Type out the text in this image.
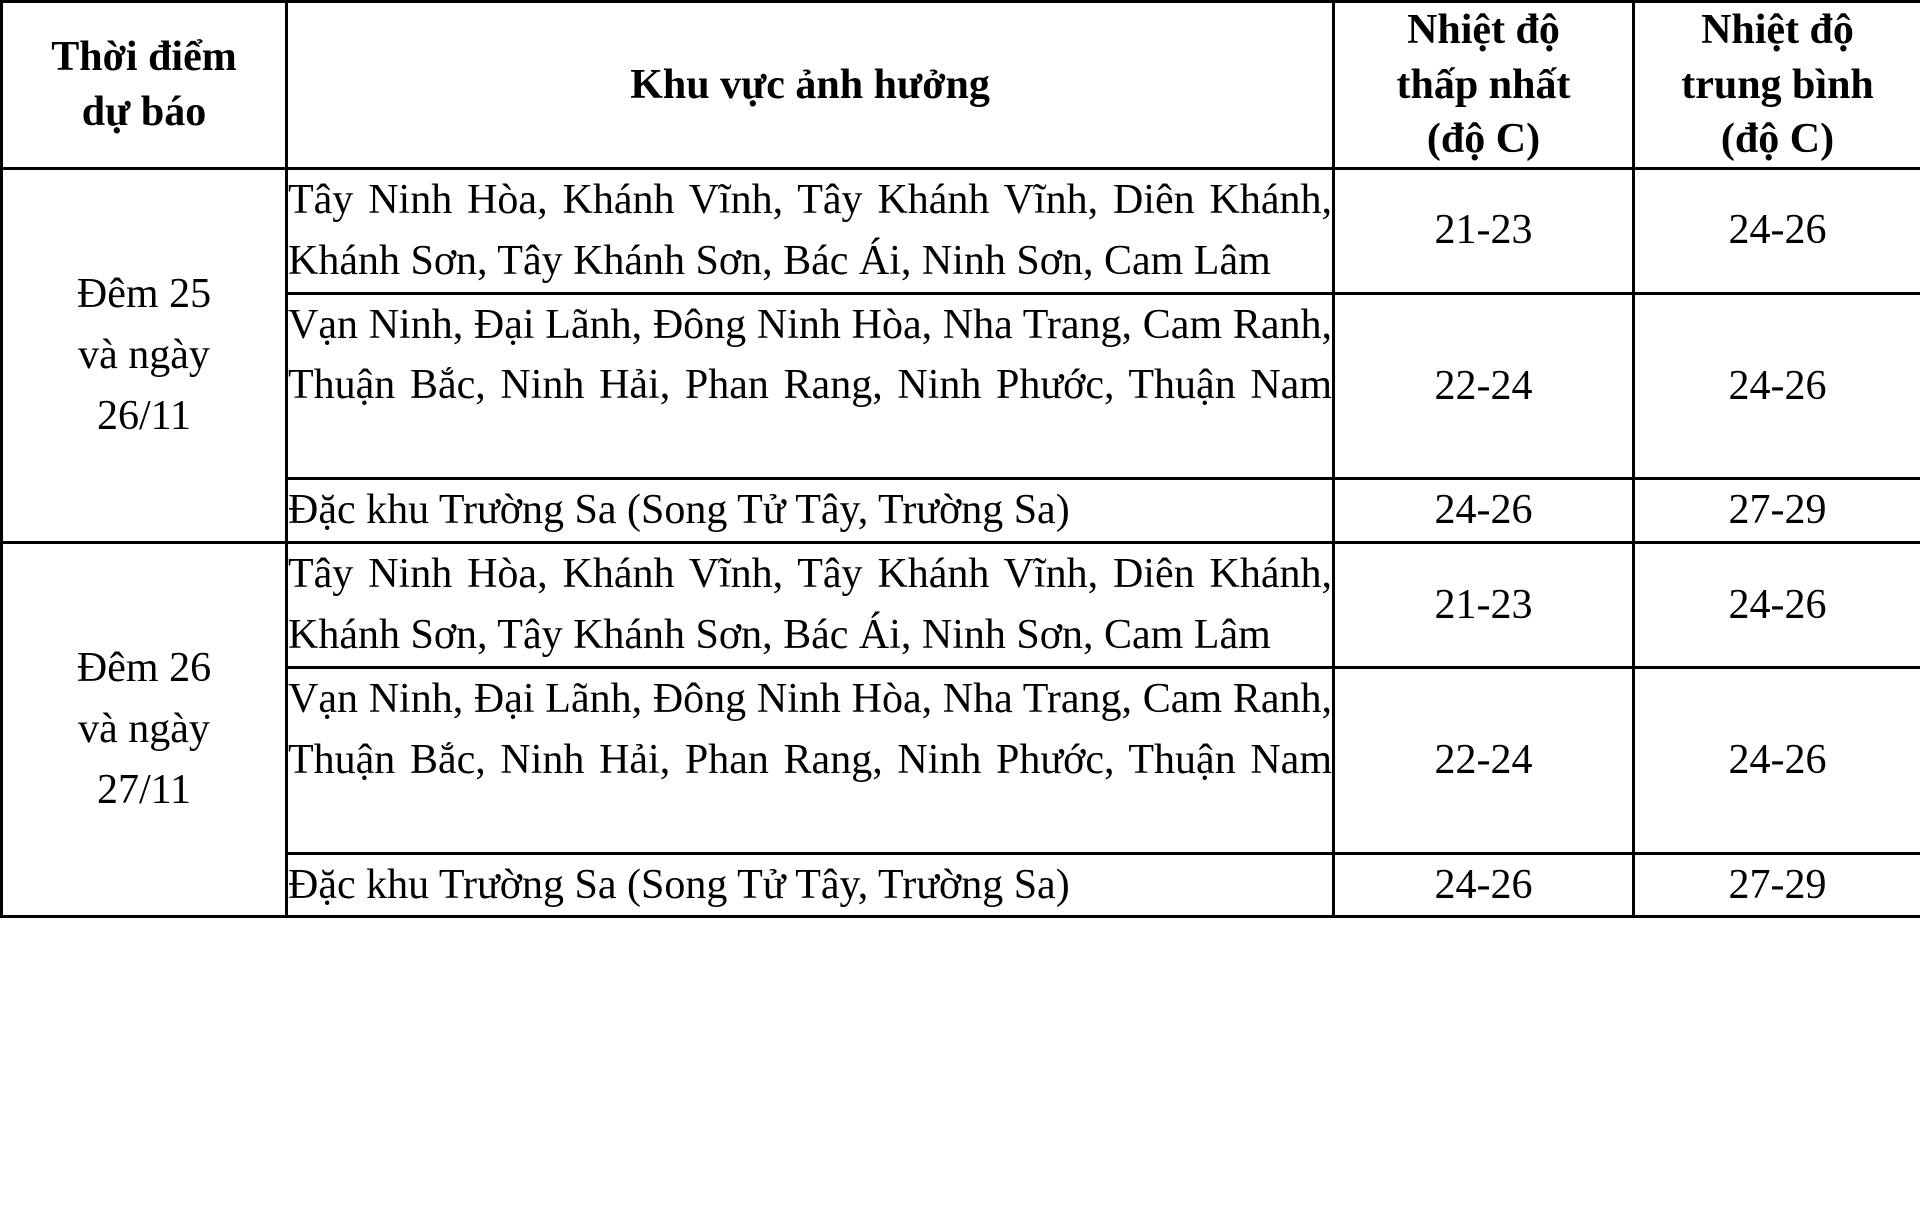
Thời điểm
dự báo	Khu vực ảnh hưởng	Nhiệt độ
thấp nhất
(độ C)	Nhiệt độ
trung bình
(độ C)

Đêm 25
và ngày
26/11	Tây Ninh Hòa, Khánh Vĩnh, Tây Khánh Vĩnh, Diên Khánh, Khánh Sơn, Tây Khánh Sơn, Bác Ái, Ninh Sơn, Cam Lâm	21-23	24-26

	Vạn Ninh, Đại Lãnh, Đông Ninh Hòa, Nha Trang, Cam Ranh, Thuận Bắc, Ninh Hải, Phan Rang, Ninh Phước, Thuận Nam	22-24	24-26

	Đặc khu Trường Sa (Song Tử Tây, Trường Sa)	24-26	27-29

Đêm 26
và ngày
27/11	Tây Ninh Hòa, Khánh Vĩnh, Tây Khánh Vĩnh, Diên Khánh, Khánh Sơn, Tây Khánh Sơn, Bác Ái, Ninh Sơn, Cam Lâm	21-23	24-26

	Vạn Ninh, Đại Lãnh, Đông Ninh Hòa, Nha Trang, Cam Ranh, Thuận Bắc, Ninh Hải, Phan Rang, Ninh Phước, Thuận Nam	22-24	24-26

	Đặc khu Trường Sa (Song Tử Tây, Trường Sa)	24-26	27-29
